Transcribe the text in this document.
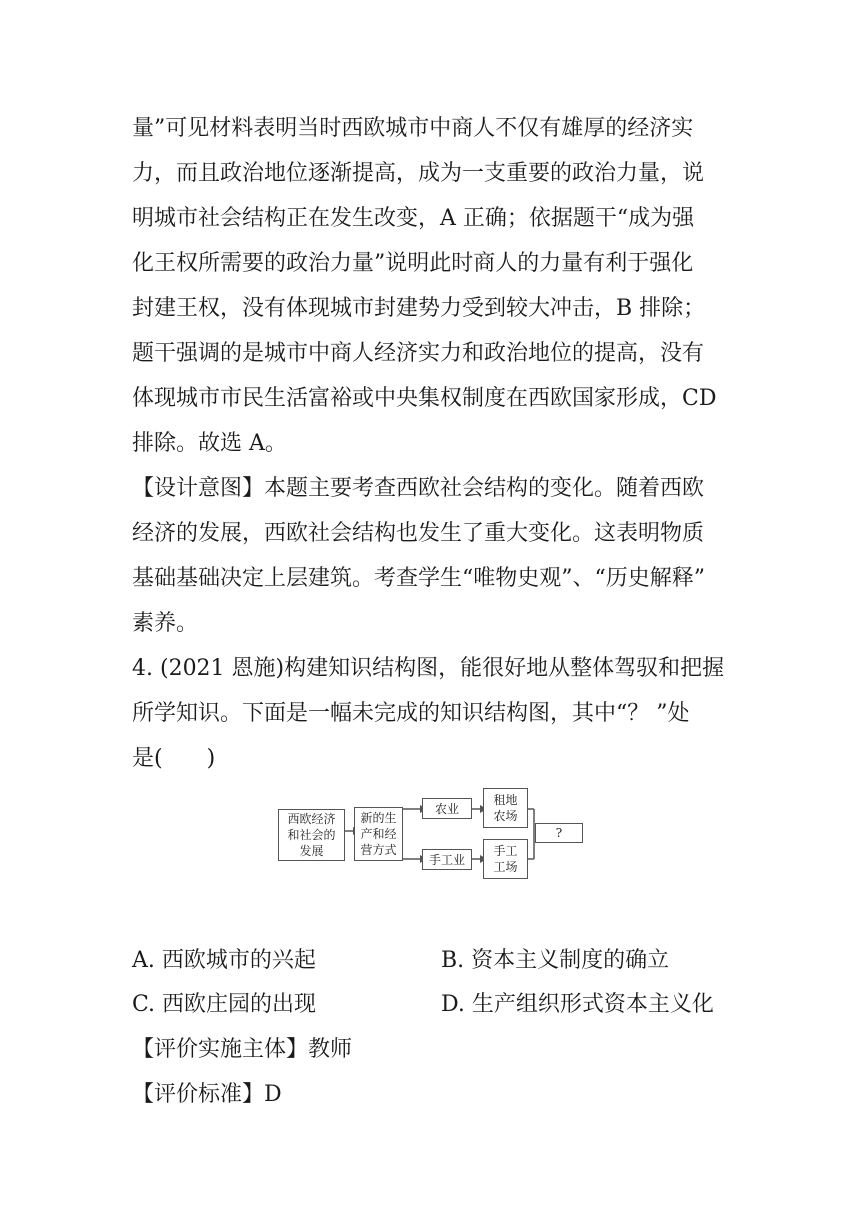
量”可见材料表明当时西欧城市中商人不仅有雄厚的经济实
力，而且政治地位逐渐提高，成为一支重要的政治力量，说
明城市社会结构正在发生改变，A 正确；依据题干“成为强
化王权所需要的政治力量”说明此时商人的力量有利于强化
封建王权，没有体现城市封建势力受到较大冲击，B 排除；
题干强调的是城市中商人经济实力和政治地位的提高，没有
体现城市市民生活富裕或中央集权制度在西欧国家形成，CD
排除。故选 A。
【设计意图】本题主要考查西欧社会结构的变化。随着西欧
经济的发展，西欧社会结构也发生了重大变化。这表明物质
基础基础决定上层建筑。考查学生“唯物史观”、“历史解释”
素养。
4. (2021 恩施)构建知识结构图，能很好地从整体驾驭和把握
所学知识。下面是一幅未完成的知识结构图，其中“？ ”处
是(　　)
西欧经济
和社会的
发展
新的生
产和经
营方式
农业
租地
农场
手工业
手工
工场
?
A. 西欧城市的兴起	B. 资本主义制度的确立
C. 西欧庄园的出现	D. 生产组织形式资本主义化
【评价实施主体】教师
【评价标准】D
